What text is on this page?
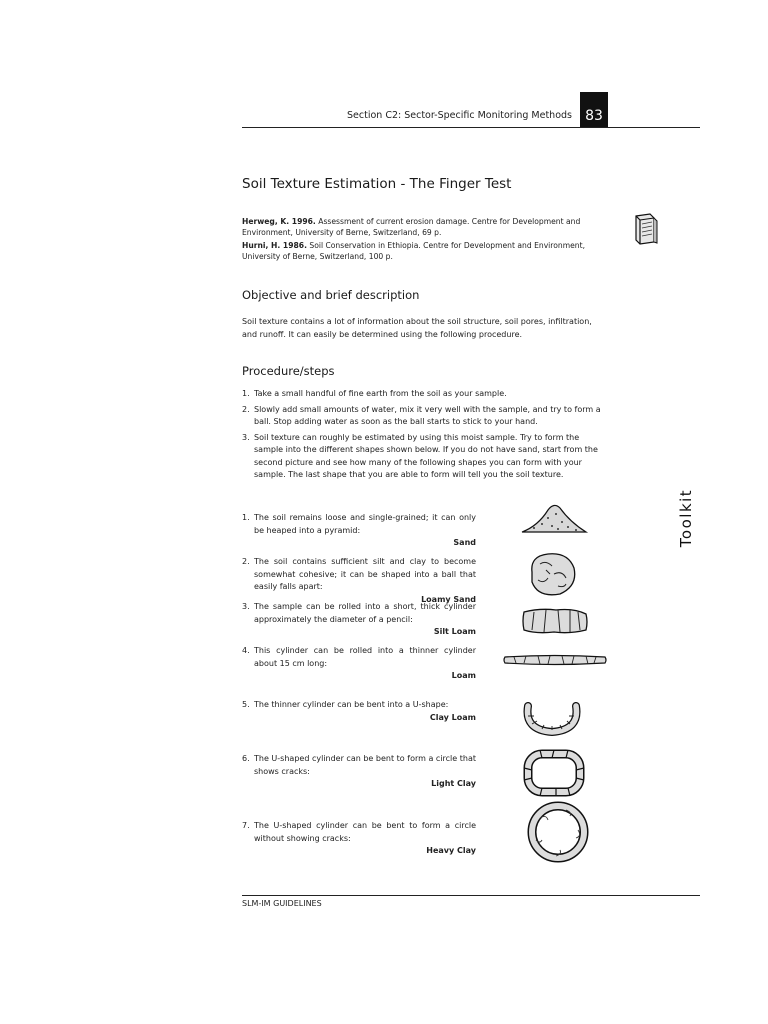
Section C2: Sector-Specific Monitoring Methods 83
Soil Texture Estimation - The Finger Test

Herweg, K. 1996. Assessment of current erosion damage. Centre for Development and Environment, University of Berne, Switzerland, 69 p.

Hurni, H. 1986. Soil Conservation in Ethiopia. Centre for Development and Environment, University of Berne, Switzerland, 100 p.

Objective and brief description
Soil texture contains a lot of information about the soil structure, soil pores, infiltration, and runoff. It can easily be determined using the following procedure.
Procedure/steps
1. Take a small handful of fine earth from the soil as your sample.
2. Slowly add small amounts of water, mix it very well with the sample, and try to form a ball. Stop adding water as soon as the ball starts to stick to your hand.
3. Soil texture can roughly be estimated by using this moist sample. Try to form the sample into the different shapes shown below. If you do not have sand, start from the second picture and see how many of the following shapes you can form with your sample. The last shape that you are able to form will tell you the soil texture.
Toolkit
1. The soil remains loose and single-grained; it can only be heaped into a pyramid:
Sand
2. The soil contains sufficient silt and clay to become somewhat cohesive; it can be shaped into a ball that easily falls apart:
Loamy Sand
3. The sample can be rolled into a short, thick cylinder approximately the diameter of a pencil:
Silt Loam
4. This cylinder can be rolled into a thinner cylinder about 15 cm long:
Loam
5. The thinner cylinder can be bent into a U-shape:
Clay Loam
6. The U-shaped cylinder can be bent to form a circle that shows cracks:
Light Clay
7. The U-shaped cylinder can be bent to form a circle without showing cracks:
Heavy Clay
SLM-IM GUIDELINES
